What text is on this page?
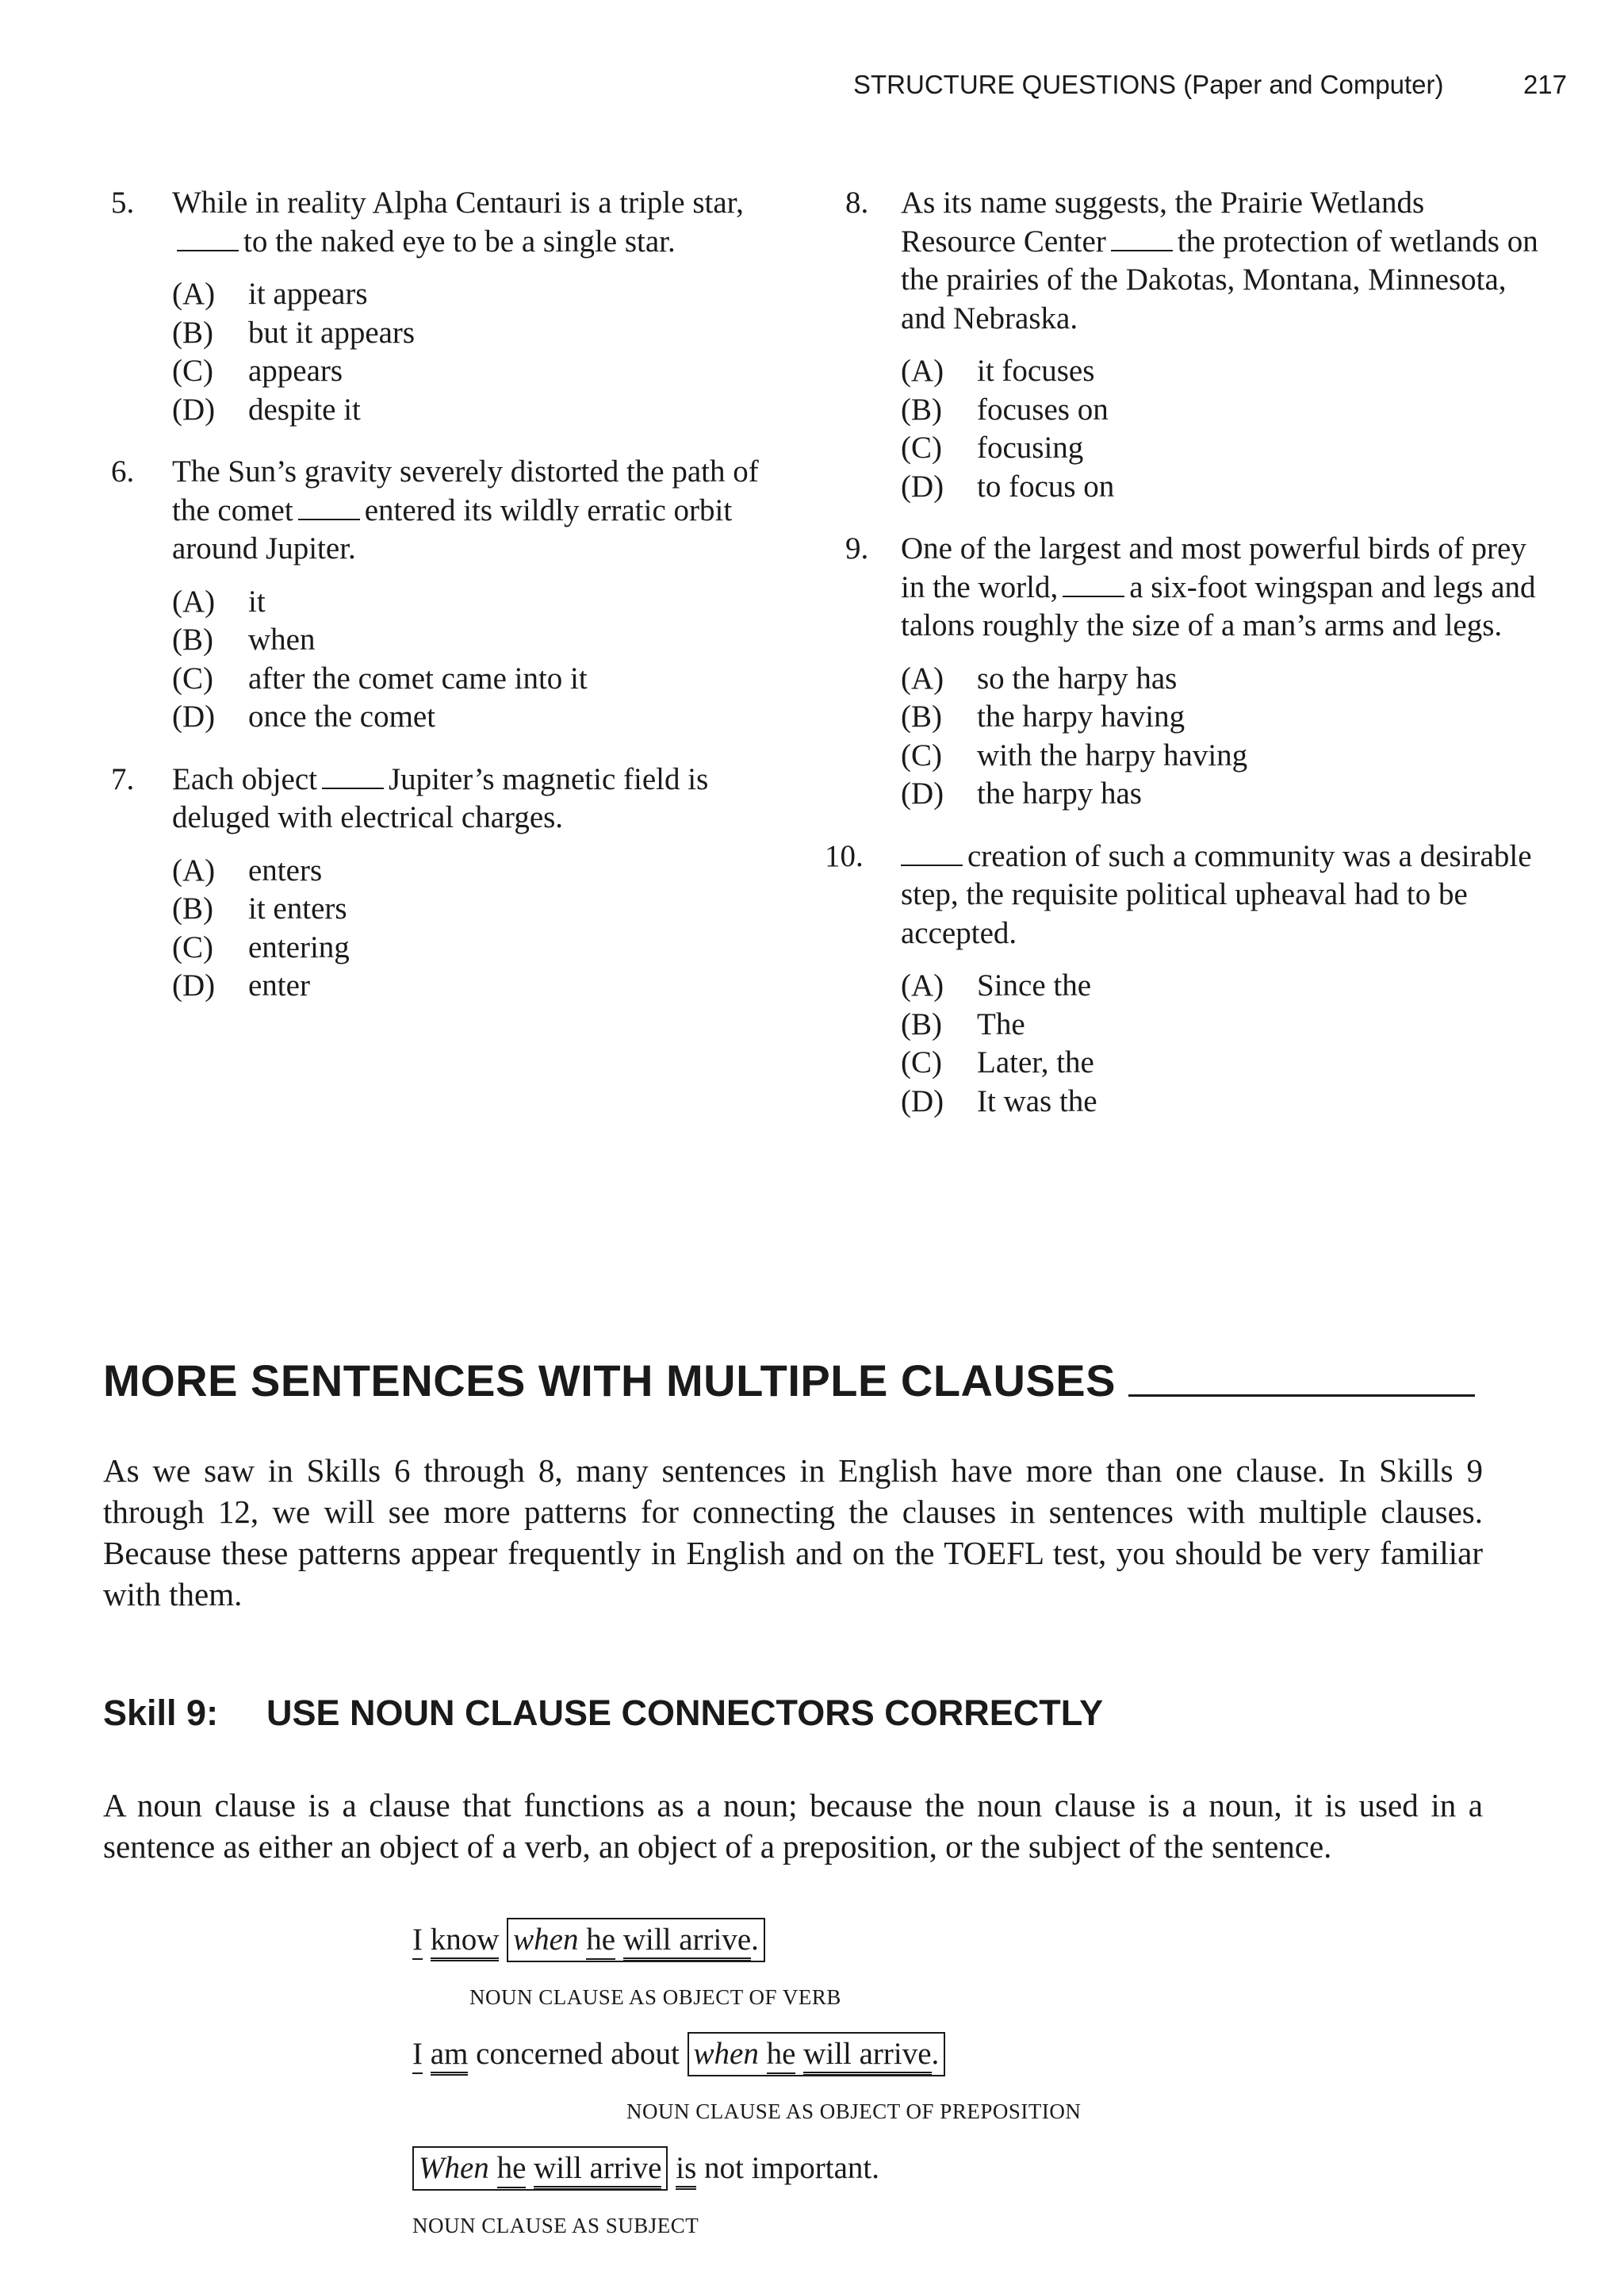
STRUCTURE QUESTIONS (Paper and Computer)	217
5. While in reality Alpha Centauri is a triple star,to the naked eye to be a single star.
(A) it appears
(B) but it appears
(C) appears
(D) despite it
6. The Sun’s gravity severely distorted the path of the comet entered its wildly erratic orbit around Jupiter.
(A) it
(B) when
(C) after the comet came into it
(D) once the comet
7. Each object Jupiter’s magnetic field is deluged with electrical charges.
(A) enters
(B) it enters
(C) entering
(D) enter
8. As its name suggests, the Prairie Wetlands Resource Center the protection of wetlands on the prairies of the Dakotas, Montana, Minnesota, and Nebraska.
(A) it focuses
(B) focuses on
(C) focusing
(D) to focus on
9. One of the largest and most powerful birds of prey in the world, a six-foot wingspan and legs and talons roughly the size of a man’s arms and legs.
(A) so the harpy has
(B) the harpy having
(C) with the harpy having
(D) the harpy has
10.	creation of such a community was a desirable step, the requisite political upheaval had to be accepted.
(A) Since the
(B) The
(C) Later, the
(D) It was the
MORE SENTENCES WITH MULTIPLE CLAUSES
As we saw in Skills 6 through 8, many sentences in English have more than one clause. In Skills 9 through 12, we will see more patterns for connecting the clauses in sentences with multiple clauses. Because these patterns appear frequently in English and on the TOEFL test, you should be very familiar with them.
Skill 9: USE NOUN CLAUSE CONNECTORS CORRECTLY
A noun clause is a clause that functions as a noun; because the noun clause is a noun, it is used in a sentence as either an object of a verb, an object of a preposition, or the subject of the sentence.
I know when he will arrive.
NOUN CLAUSE AS OBJECT OF VERB
I am concerned about when he will arrive.
NOUN CLAUSE AS OBJECT OF PREPOSITION
When he will arrive is not important.
NOUN CLAUSE AS SUBJECT
